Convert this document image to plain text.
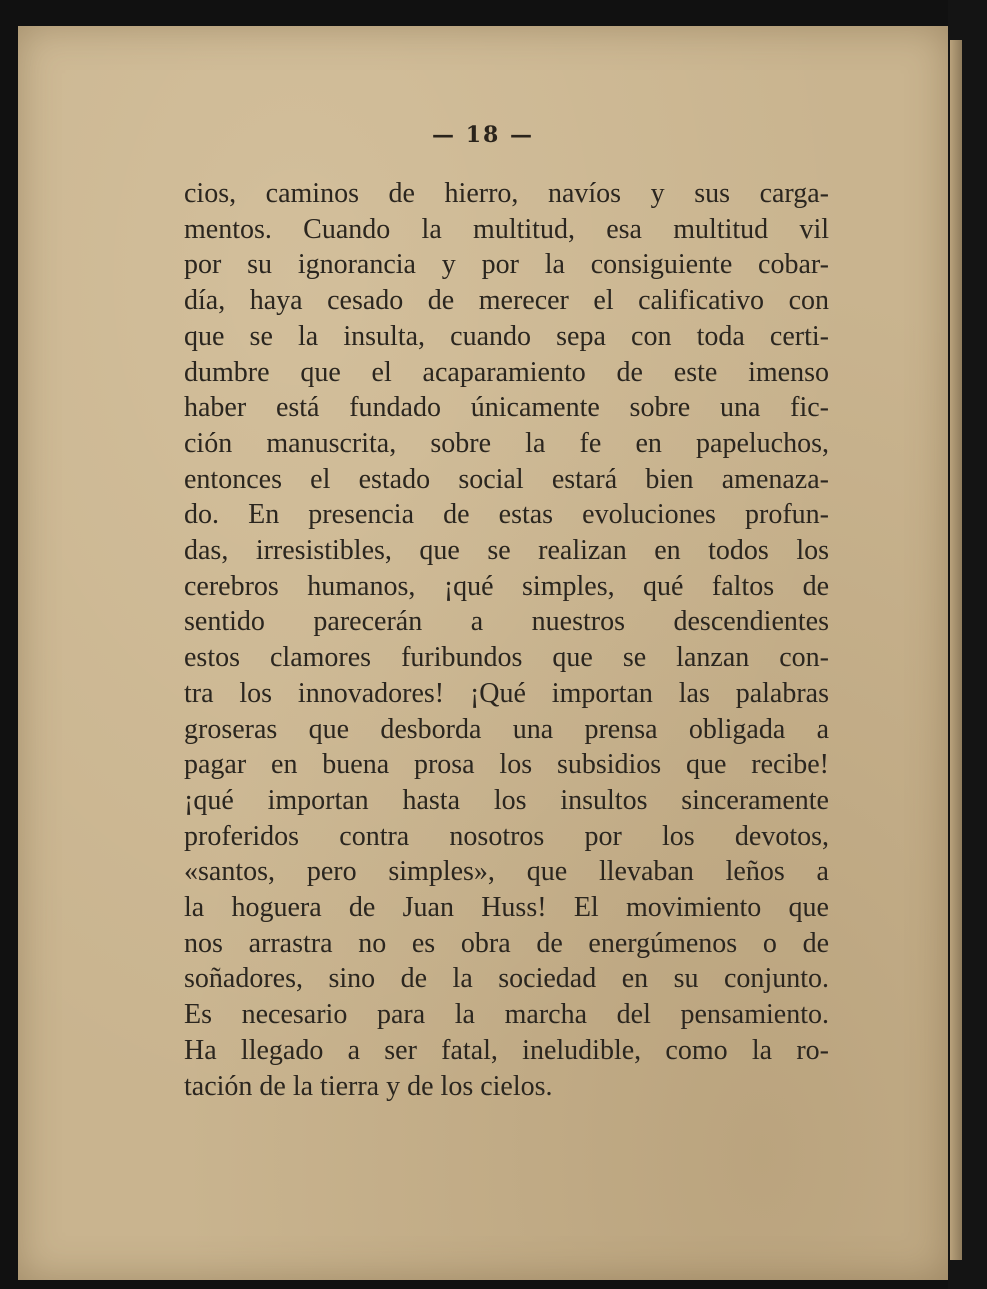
— 18 —
cios, caminos de hierro, navíos y sus carga-
mentos. Cuando la multitud, esa multitud vil
por su ignorancia y por la consiguiente cobar-
día, haya cesado de merecer el calificativo con
que se la insulta, cuando sepa con toda certi-
dumbre que el acaparamiento de este imenso
haber está fundado únicamente sobre una fic-
ción manuscrita, sobre la fe en papeluchos,
entonces el estado social estará bien amenaza-
do. En presencia de estas evoluciones profun-
das, irresistibles, que se realizan en todos los
cerebros humanos, ¡qué simples, qué faltos de
sentido parecerán a nuestros descendientes
estos clamores furibundos que se lanzan con-
tra los innovadores! ¡Qué importan las palabras
groseras que desborda una prensa obligada a
pagar en buena prosa los subsidios que recibe!
¡qué importan hasta los insultos sinceramente
proferidos contra nosotros por los devotos,
«santos, pero simples», que llevaban leños a
la hoguera de Juan Huss! El movimiento que
nos arrastra no es obra de energúmenos o de
soñadores, sino de la sociedad en su conjunto.
Es necesario para la marcha del pensamiento.
Ha llegado a ser fatal, ineludible, como la ro-
tación de la tierra y de los cielos.
